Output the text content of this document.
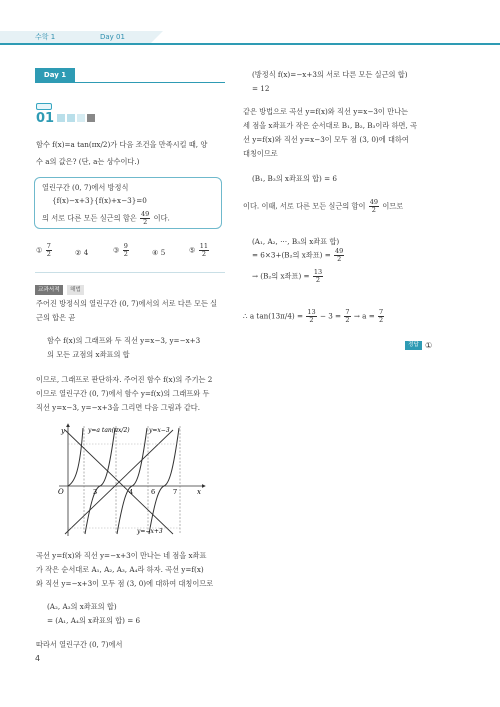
수학 1	Day 01
Day 1
01
함수 f(x)=a tan(πx/2)가 다음 조건을 만족시킬 때, 양
수 a의 값은? (단, a는 상수이다.)
열린구간 (0, 7)에서 방정식
{f(x)−x+3}{f(x)+x−3}=0
의 서로 다른 모든 실근의 합은 $\frac{49}{2}$ 이다.
① $\frac{7}{2}$	② 4	③ $\frac{9}{2}$	④ 5	⑤ $\frac{11}{2}$
교과서적	해법
주어진 방정식의 열린구간 (0, 7)에서의 서로 다른 모든 실
근의 합은 곧
함수 f(x)의 그래프와 두 직선 y=x−3, y=−x+3
의 모든 교점의 x좌표의 합
이므로, 그래프로 판단하자. 주어진 함수 f(x)의 주기는 2
이므로 열린구간 (0, 7)에서 함수 y=f(x)의 그래프와 두
직선 y=x−3, y=−x+3을 그리면 다음 그림과 같다.
O
y
x
3	4	6	7
y=a tan(πx/2)	y=x−3
y=−x+3
곡선 y=f(x)와 직선 y=−x+3이 만나는 네 점을 x좌표
가 작은 순서대로 A₁, A₂, A₃, A₄라 하자. 곡선 y=f(x)
와 직선 y=−x+3이 모두 점 (3, 0)에 대하여 대칭이므로
(A₂, A₃의 x좌표의 합)
= (A₁, A₄의 x좌표의 합) = 6
따라서 열린구간 (0, 7)에서
4
(방정식 f(x)=−x+3의 서로 다른 모든 실근의 합)
= 12
같은 방법으로 곡선 y=f(x)와 직선 y=x−3이 만나는
세 점을 x좌표가 작은 순서대로 B₁, B₂, B₃이라 하면, 곡
선 y=f(x)와 직선 y=x−3이 모두 점 (3, 0)에 대하여
대칭이므로
(B₁, B₃의 x좌표의 합) = 6
이다. 이때, 서로 다른 모든 실근의 합이 $\frac{49}{2}$ 이므로
(A₁, A₂, ⋯, B₃의 x좌표 합)
= 6×3+(B₂의 x좌표) = $\frac{49}{2}$
→ (B₂의 x좌표) = $\frac{13}{2}$
∴ a $\tan(13\pi/4) = \frac{13}{2} - 3 = \frac{7}{2} \to a = \frac{7}{2}$
정답 ①
